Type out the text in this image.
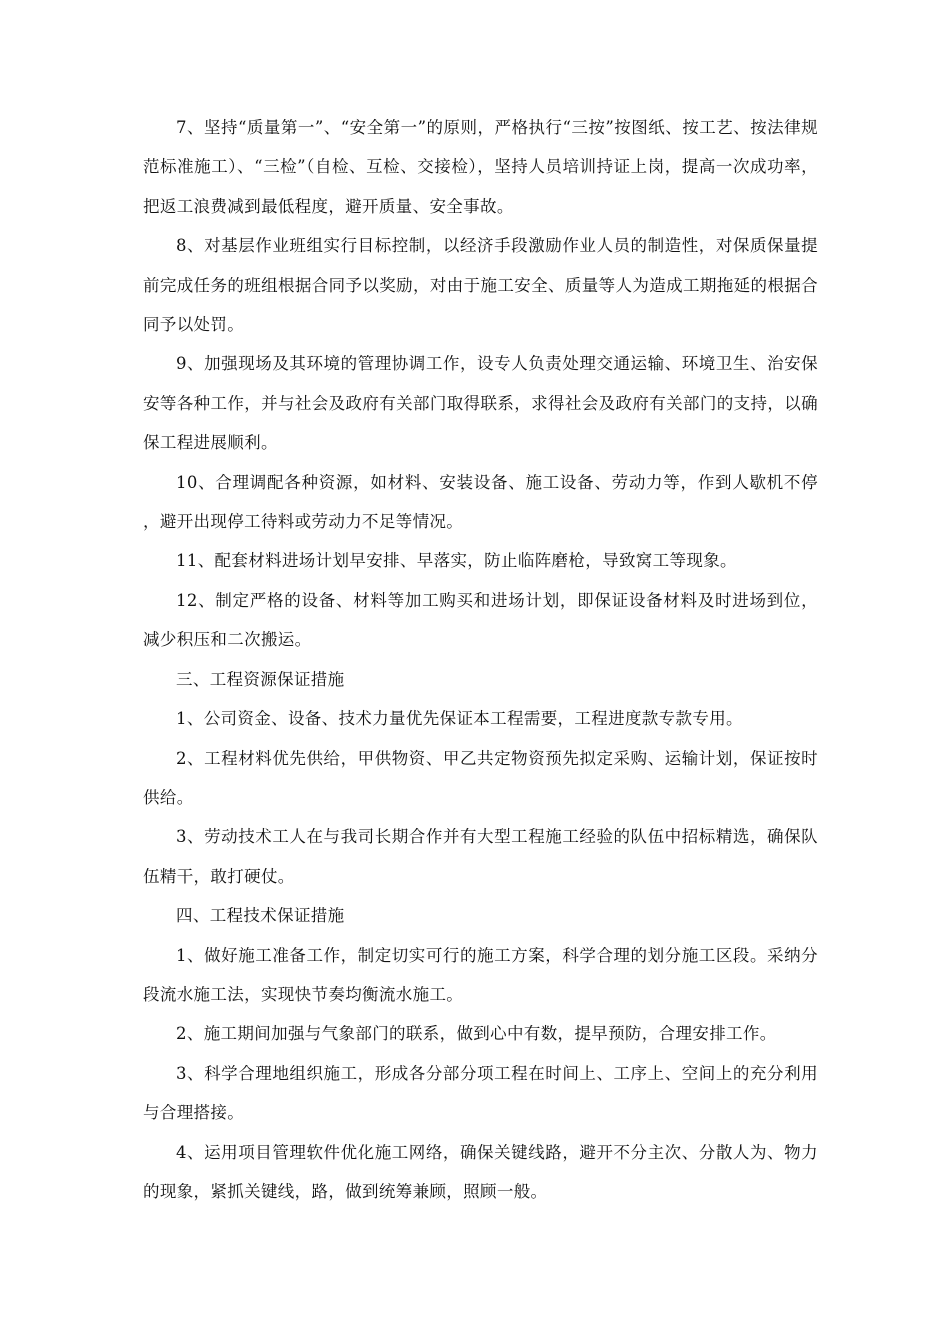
7、坚持“质量第一”、“安全第一”的原则，严格执行“三按”按图纸、按工艺、按法律规范标准施工）、“三检”（自检、互检、交接检），坚持人员培训持证上岗，提高一次成功率，把返工浪费减到最低程度，避开质量、安全事故。

8、对基层作业班组实行目标控制，以经济手段激励作业人员的制造性，对保质保量提前完成任务的班组根据合同予以奖励，对由于施工安全、质量等人为造成工期拖延的根据合同予以处罚。

9、加强现场及其环境的管理协调工作，设专人负责处理交通运输、环境卫生、治安保安等各种工作，并与社会及政府有关部门取得联系，求得社会及政府有关部门的支持，以确保工程进展顺利。

10、合理调配各种资源，如材料、安装设备、施工设备、劳动力等，作到人歇机不停，避开出现停工待料或劳动力不足等情况。

11、配套材料进场计划早安排、早落实，防止临阵磨枪，导致窝工等现象。

12、制定严格的设备、材料等加工购买和进场计划，即保证设备材料及时进场到位，减少积压和二次搬运。

三、工程资源保证措施

1、公司资金、设备、技术力量优先保证本工程需要，工程进度款专款专用。

2、工程材料优先供给，甲供物资、甲乙共定物资预先拟定采购、运输计划，保证按时供给。

3、劳动技术工人在与我司长期合作并有大型工程施工经验的队伍中招标精选，确保队伍精干，敢打硬仗。

四、工程技术保证措施

1、做好施工准备工作，制定切实可行的施工方案，科学合理的划分施工区段。采纳分段流水施工法，实现快节奏均衡流水施工。

2、施工期间加强与气象部门的联系，做到心中有数，提早预防，合理安排工作。

3、科学合理地组织施工，形成各分部分项工程在时间上、工序上、空间上的充分利用与合理搭接。

4、运用项目管理软件优化施工网络，确保关键线路，避开不分主次、分散人为、物力的现象，紧抓关键线，路，做到统筹兼顾，照顾一般。
